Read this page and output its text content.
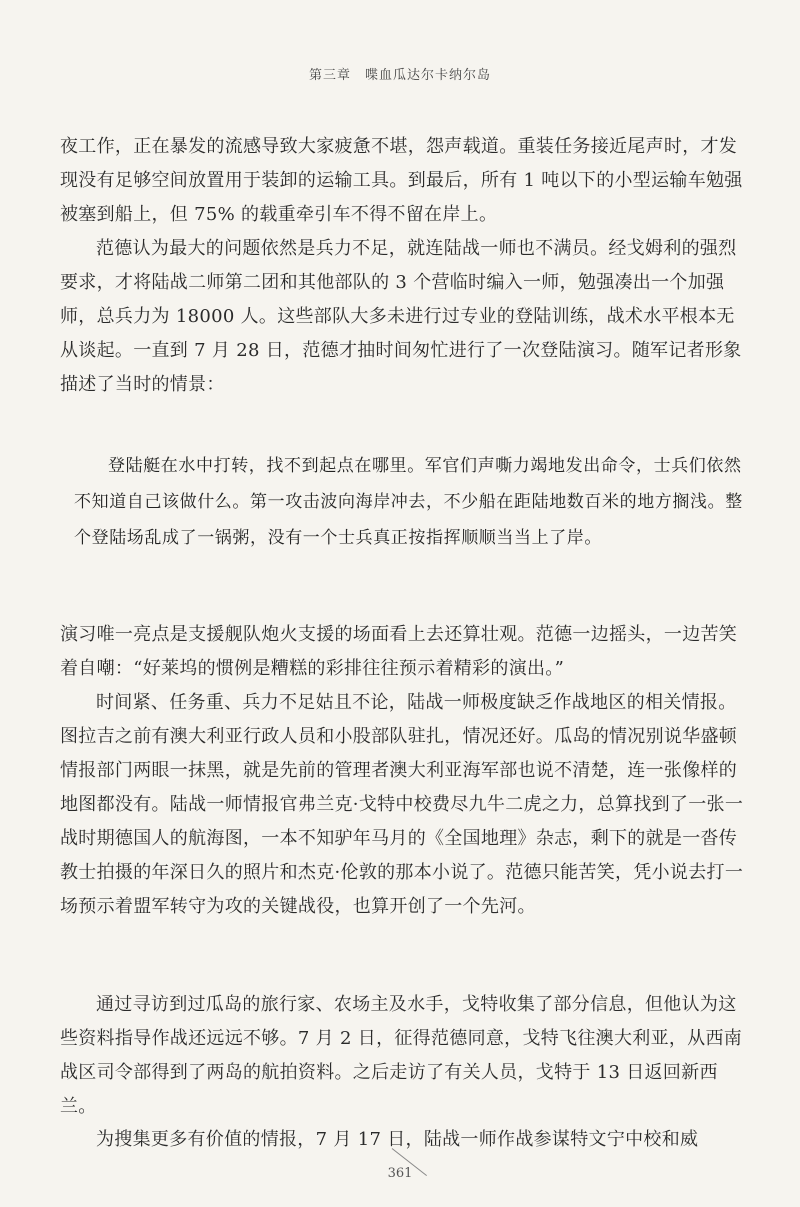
第三章　喋血瓜达尔卡纳尔岛
夜工作，正在暴发的流感导致大家疲惫不堪，怨声载道。重装任务接近尾声时，才发现没有足够空间放置用于装卸的运输工具。到最后，所有 1 吨以下的小型运输车勉强被塞到船上，但 75% 的载重牵引车不得不留在岸上。
范德认为最大的问题依然是兵力不足，就连陆战一师也不满员。经戈姆利的强烈要求，才将陆战二师第二团和其他部队的 3 个营临时编入一师，勉强凑出一个加强师，总兵力为 18000 人。这些部队大多未进行过专业的登陆训练，战术水平根本无从谈起。一直到 7 月 28 日，范德才抽时间匆忙进行了一次登陆演习。随军记者形象描述了当时的情景：
登陆艇在水中打转，找不到起点在哪里。军官们声嘶力竭地发出命令，士兵们依然不知道自己该做什么。第一攻击波向海岸冲去，不少船在距陆地数百米的地方搁浅。整个登陆场乱成了一锅粥，没有一个士兵真正按指挥顺顺当当上了岸。
演习唯一亮点是支援舰队炮火支援的场面看上去还算壮观。范德一边摇头，一边苦笑着自嘲：“好莱坞的惯例是糟糕的彩排往往预示着精彩的演出。”
时间紧、任务重、兵力不足姑且不论，陆战一师极度缺乏作战地区的相关情报。图拉吉之前有澳大利亚行政人员和小股部队驻扎，情况还好。瓜岛的情况别说华盛顿情报部门两眼一抹黑，就是先前的管理者澳大利亚海军部也说不清楚，连一张像样的地图都没有。陆战一师情报官弗兰克·戈特中校费尽九牛二虎之力，总算找到了一张一战时期德国人的航海图，一本不知驴年马月的《全国地理》杂志，剩下的就是一沓传教士拍摄的年深日久的照片和杰克·伦敦的那本小说了。范德只能苦笑，凭小说去打一场预示着盟军转守为攻的关键战役，也算开创了一个先河。
通过寻访到过瓜岛的旅行家、农场主及水手，戈特收集了部分信息，但他认为这些资料指导作战还远远不够。7 月 2 日，征得范德同意，戈特飞往澳大利亚，从西南战区司令部得到了两岛的航拍资料。之后走访了有关人员，戈特于 13 日返回新西兰。
为搜集更多有价值的情报，7 月 17 日，陆战一师作战参谋特文宁中校和威
361
